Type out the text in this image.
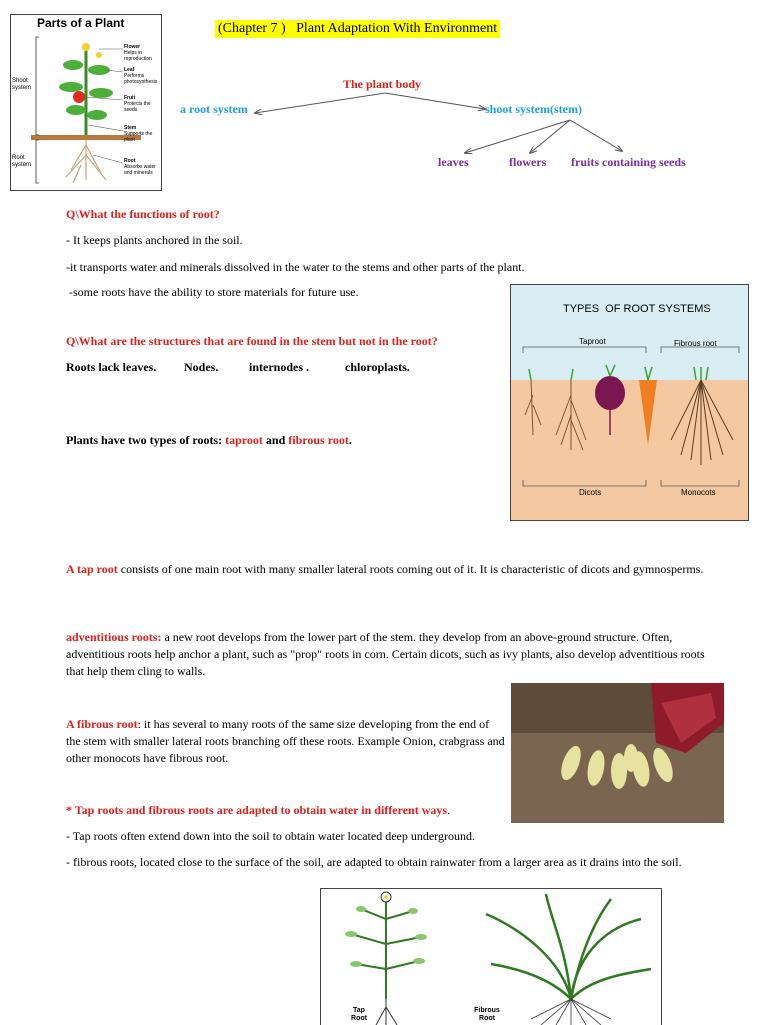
Parts of a Plant
Shoot system
Root system
Flower
Helps in reproduction
Leaf
Performs photosynthesis
Fruit
Protects the seeds
Stem
Supports the plant
Root
Absorbs water and minerals
(Chapter 7 )   Plant Adaptation With Environment
The plant body
a root system	shoot system(stem)
leaves	flowers fruits containing seeds
Q\What the functions of root?
- It keeps plants anchored in the soil.
-it transports water and minerals dissolved in the water to the stems and other parts of the plant.
-some roots have the ability to store materials for future use.
Q\What are the structures that are found in the stem but not in the root?
Roots lack leaves. Nodes.	internodes .	chloroplasts.
Plants have two types of roots: taproot and fibrous root.
TYPES  OF ROOT SYSTEMS
Taproot	Fibrous root
Dicots	Monocots
A tap root consists of one main root with many smaller lateral roots coming out of it. It is characteristic of dicots and gymnosperms.
adventitious roots: a new root develops from the lower part of the stem. they develop from an above-ground structure. Often, adventitious roots help anchor a plant, such as "prop" roots in corn. Certain dicots, such as ivy plants, also develop adventitious roots that help them cling to walls.
A fibrous root: it has several to many roots of the same size developing from the end of the stem with smaller lateral roots branching off these roots. Example Onion, crabgrass and other monocots have fibrous root.
* Tap roots and fibrous roots are adapted to obtain water in different ways.
- Tap roots often extend down into the soil to obtain water located deep underground.
- fibrous roots, located close to the surface of the soil, are adapted to obtain rainwater from a larger area as it drains into the soil.
Tap Root
Fibrous Root
